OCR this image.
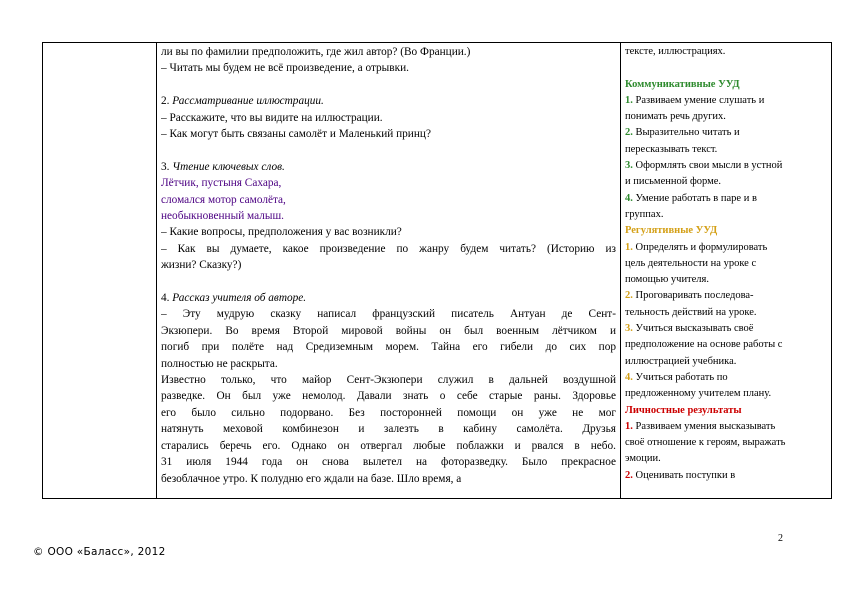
ли вы по фамилии предположить, где жил автор? (Во Франции.)
– Читать мы будем не всё произведение, а отрывки.
2. Рассматривание иллюстрации.
– Расскажите, что вы видите на иллюстрации.
– Как могут быть связаны самолёт и Маленький принц?
3. Чтение ключевых слов.
Лётчик, пустыня Сахара,
сломался мотор самолёта,
необыкновенный малыш.
– Какие вопросы, предположения у вас возникли?
– Как вы думаете, какое произведение по жанру будем читать? (Историю из
жизни? Сказку?)
4. Рассказ учителя об авторе.
– Эту мудрую сказку написал французский писатель Антуан де Сент-
Экзюпери. Во время Второй мировой войны он был военным лётчиком и
погиб при полёте над Средиземным морем. Тайна его гибели до сих пор
полностью не раскрыта.
Известно только, что майор Сент-Экзюпери служил в дальней воздушной
разведке. Он был уже немолод. Давали знать о себе старые раны. Здоровье
его было сильно подорвано. Без посторонней помощи он уже не мог
натянуть меховой комбинезон и залезть в кабину самолёта. Друзья
старались беречь его. Однако он отвергал любые поблажки и рвался в небо.
31 июля 1944 года он снова вылетел на фоторазведку. Было прекрасное
безоблачное утро. К полудню его ждали на базе. Шло время, а
тексте, иллюстрациях.
Коммуникативные УУД
1. Развиваем умение слушать и
понимать речь других.
2. Выразительно читать и
пересказывать текст.
3. Оформлять свои мысли в устной
и письменной форме.
4. Умение работать в паре и в
группах.
Регулятивные УУД
1. Определять и формулировать
цель деятельности на уроке с
помощью учителя.
2. Проговаривать последова-
тельность действий на уроке.
3. Учиться высказывать своё
предположение на основе работы с
иллюстрацией учебника.
4. Учиться работать по
предложенному учителем плану.
Личностные результаты
1. Развиваем умения высказывать
своё отношение к героям, выражать
эмоции.
2. Оценивать поступки в
2
© ООО «Баласс», 2012
